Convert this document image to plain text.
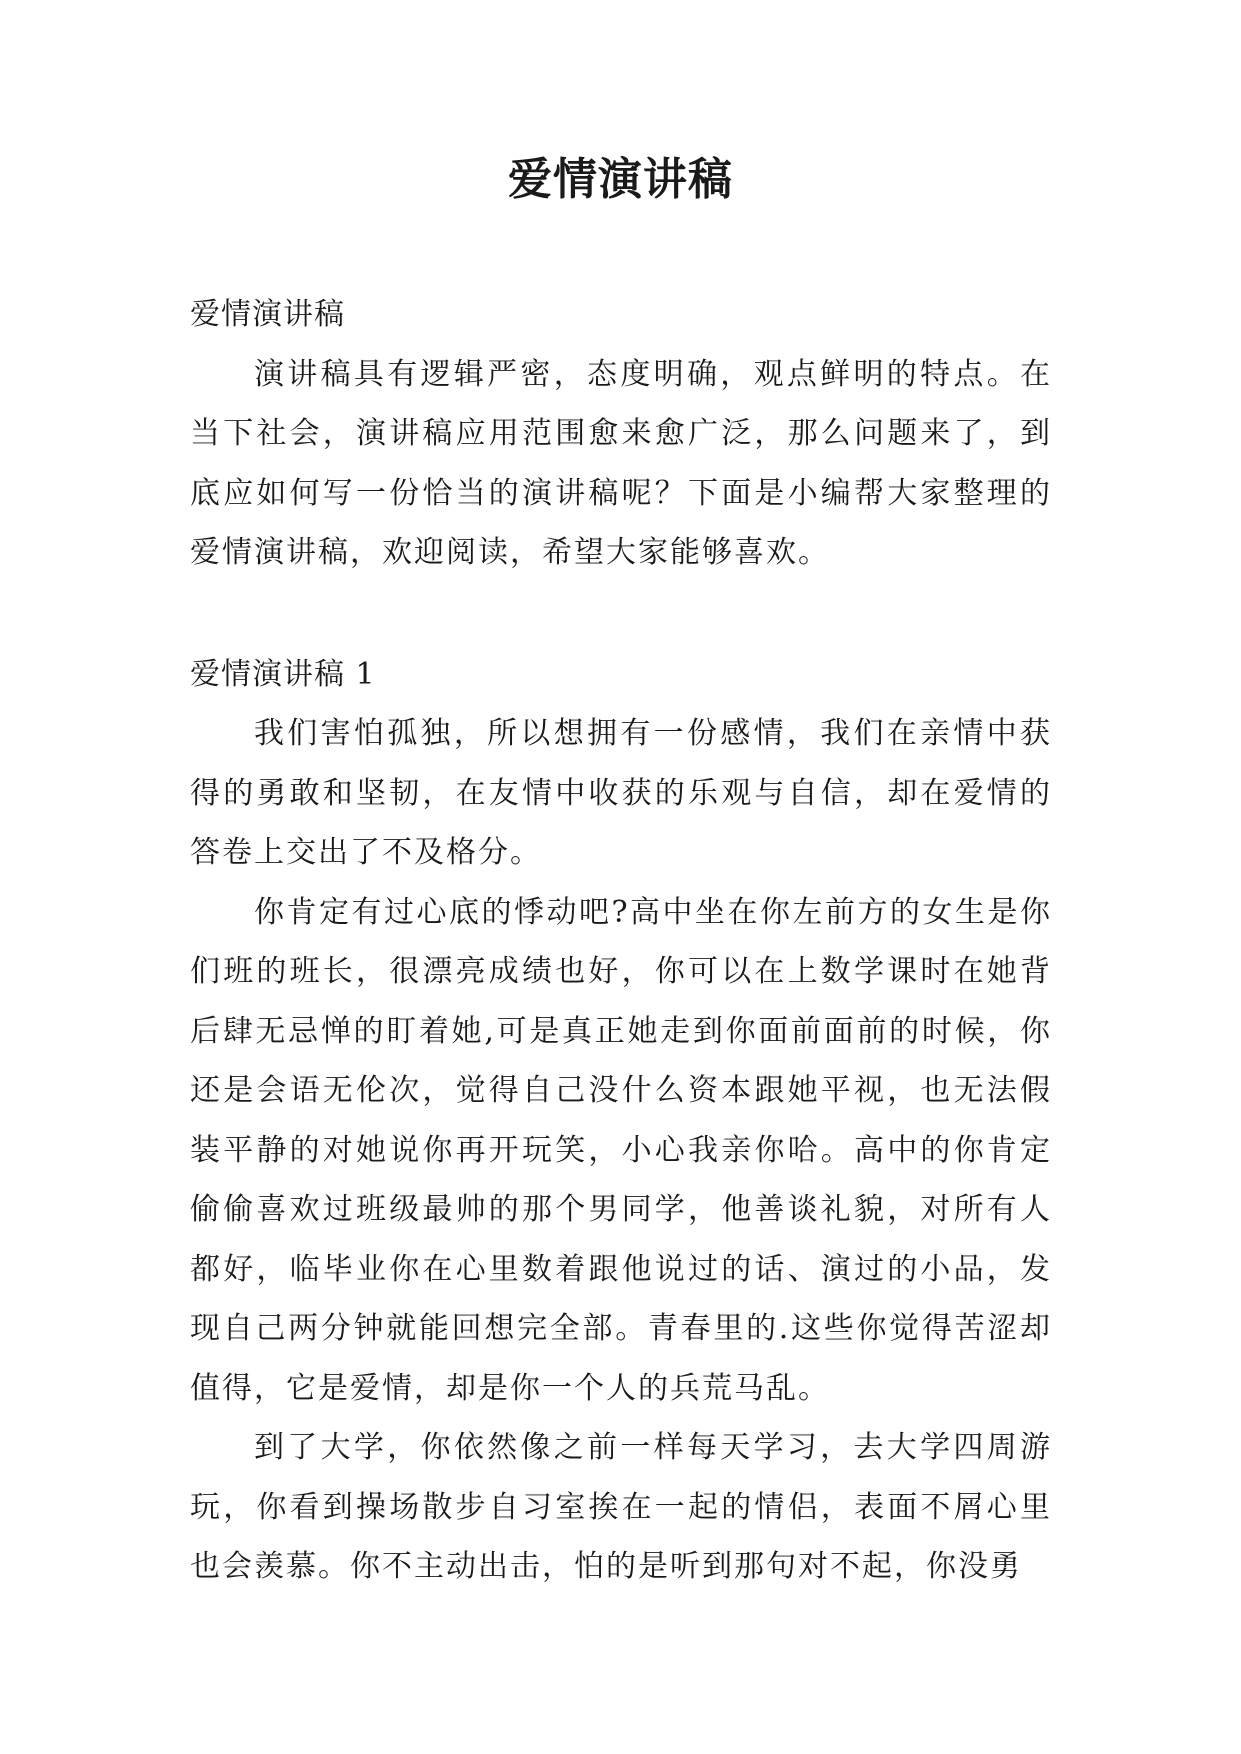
爱情演讲稿

爱情演讲稿

演讲稿具有逻辑严密，态度明确，观点鲜明的特点。在当下社会，演讲稿应用范围愈来愈广泛，那么问题来了，到底应如何写一份恰当的演讲稿呢？下面是小编帮大家整理的爱情演讲稿，欢迎阅读，希望大家能够喜欢。

爱情演讲稿 1

我们害怕孤独，所以想拥有一份感情，我们在亲情中获得的勇敢和坚韧，在友情中收获的乐观与自信，却在爱情的答卷上交出了不及格分。

你肯定有过心底的悸动吧?高中坐在你左前方的女生是你们班的班长，很漂亮成绩也好，你可以在上数学课时在她背后肆无忌惮的盯着她,可是真正她走到你面前面前的时候，你还是会语无伦次，觉得自己没什么资本跟她平视，也无法假装平静的对她说你再开玩笑，小心我亲你哈。高中的你肯定偷偷喜欢过班级最帅的那个男同学，他善谈礼貌，对所有人都好，临毕业你在心里数着跟他说过的话、演过的小品，发现自己两分钟就能回想完全部。青春里的.这些你觉得苦涩却值得，它是爱情，却是你一个人的兵荒马乱。

到了大学，你依然像之前一样每天学习，去大学四周游玩，你看到操场散步自习室挨在一起的情侣，表面不屑心里也会羡慕。你不主动出击，怕的是听到那句对不起，你没勇
